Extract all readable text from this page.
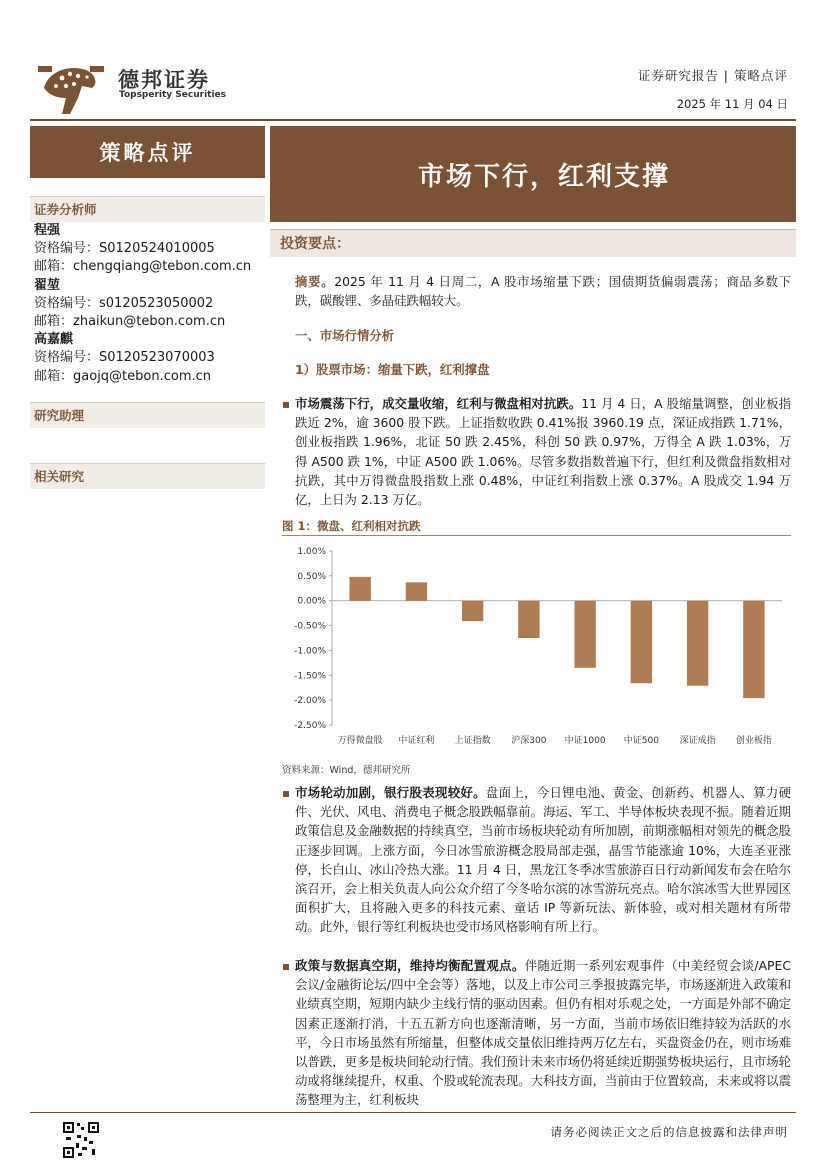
德邦证券
Topsperity Securities
证券研究报告 | 策略点评
2025 年 11 月 04 日
策略点评
证券分析师
程强
资格编号：S0120524010005
邮箱：chengqiang@tebon.com.cn
翟堃
资格编号：s0120523050002
邮箱：zhaikun@tebon.com.cn
高嘉麒
资格编号：S0120523070003
邮箱：gaojq@tebon.com.cn
研究助理
相关研究
市场下行，红利支撑
投资要点：
摘要。2025 年 11 月 4 日周二，A 股市场缩量下跌；国债期货偏弱震荡；商品多数下跌，碳酸锂、多晶硅跌幅较大。
一、市场行情分析
1）股票市场：缩量下跌，红利撑盘
市场震荡下行，成交量收缩，红利与微盘相对抗跌。11 月 4 日，A 股缩量调整，创业板指跌近 2%，逾 3600 股下跌。上证指数收跌 0.41%报 3960.19 点，深证成指跌 1.71%，创业板指跌 1.96%，北证 50 跌 2.45%，科创 50 跌 0.97%，万得全 A 跌 1.03%，万得 A500 跌 1%，中证 A500 跌 1.06%。尽管多数指数普遍下行，但红利及微盘指数相对抗跌，其中万得微盘股指数上涨 0.48%，中证红利指数上涨 0.37%。A 股成交 1.94 万亿，上日为 2.13 万亿。
图 1：微盘、红利相对抗跌
1.00%
0.50%
0.00%
-0.50%
-1.00%
-1.50%
-2.00%
-2.50%
万得微盘股 中证红利 上证指数 沪深300 中证1000 中证500 深证成指 创业板指
资料来源：Wind，德邦研究所
市场轮动加剧，银行股表现较好。盘面上，今日锂电池、黄金、创新药、机器人、算力硬件、光伏、风电、消费电子概念股跌幅靠前。海运、军工、半导体板块表现不振。随着近期政策信息及金融数据的持续真空，当前市场板块轮动有所加剧，前期涨幅相对领先的概念股正逐步回调。上涨方面，今日冰雪旅游概念股局部走强，晶雪节能涨逾 10%，大连圣亚涨停，长白山、冰山冷热大涨。11 月 4 日，黑龙江冬季冰雪旅游百日行动新闻发布会在哈尔滨召开，会上相关负责人向公众介绍了今冬哈尔滨的冰雪游玩亮点。哈尔滨冰雪大世界园区面积扩大，且将融入更多的科技元素、童话 IP 等新玩法、新体验，或对相关题材有所带动。此外，银行等红利板块也受市场风格影响有所上行。
政策与数据真空期，维持均衡配置观点。伴随近期一系列宏观事件（中美经贸会谈/APEC 会议/金融街论坛/四中全会等）落地，以及上市公司三季报披露完毕，市场逐渐进入政策和业绩真空期，短期内缺少主线行情的驱动因素。但仍有相对乐观之处，一方面是外部不确定因素正逐渐打消，十五五新方向也逐渐清晰，另一方面，当前市场依旧维持较为活跃的水平，今日市场虽然有所缩量，但整体成交量依旧维持两万亿左右，买盘资金仍在，则市场难以普跌，更多是板块间轮动行情。我们预计未来市场仍将延续近期强势板块运行，且市场轮动或将继续提升，权重、个股或轮流表现。大科技方面，当前由于位置较高，未来或将以震荡整理为主，红利板块
请务必阅读正文之后的信息披露和法律声明
